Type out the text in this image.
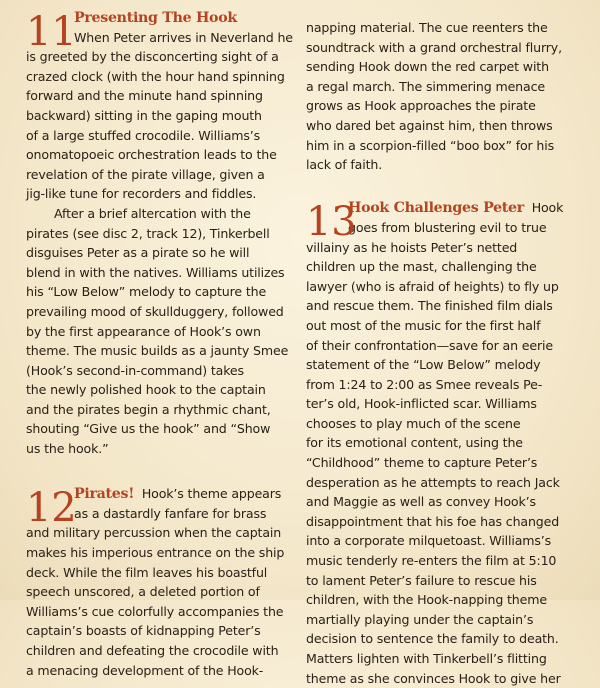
11
Presenting The Hook
When Peter arrives in Neverland he
is greeted by the disconcerting sight of a
crazed clock (with the hour hand spinning
forward and the minute hand spinning
backward) sitting in the gaping mouth
of a large stuffed crocodile. Williams’s
onomatopoeic orchestration leads to the
revelation of the pirate village, given a
jig-like tune for recorders and fiddles.
After a brief altercation with the
pirates (see disc 2, track 12), Tinkerbell
disguises Peter as a pirate so he will
blend in with the natives. Williams utilizes
his “Low Below” melody to capture the
prevailing mood of skullduggery, followed
by the first appearance of Hook’s own
theme. The music builds as a jaunty Smee
(Hook’s second-in-command) takes
the newly polished hook to the captain
and the pirates begin a rhythmic chant,
shouting “Give us the hook” and “Show
us the hook.”
12
Pirates! Hook’s theme appears
as a dastardly fanfare for brass
and military percussion when the captain
makes his imperious entrance on the ship
deck. While the film leaves his boastful
speech unscored, a deleted portion of
Williams’s cue colorfully accompanies the
captain’s boasts of kidnapping Peter’s
children and defeating the crocodile with
a menacing development of the Hook-
napping material. The cue reenters the
soundtrack with a grand orchestral flurry,
sending Hook down the red carpet with
a regal march. The simmering menace
grows as Hook approaches the pirate
who dared bet against him, then throws
him in a scorpion-filled “boo box” for his
lack of faith.
13
Hook Challenges Peter Hook
goes from blustering evil to true
villainy as he hoists Peter’s netted
children up the mast, challenging the
lawyer (who is afraid of heights) to fly up
and rescue them. The finished film dials
out most of the music for the first half
of their confrontation—save for an eerie
statement of the “Low Below” melody
from 1:24 to 2:00 as Smee reveals Pe-
ter’s old, Hook-inflicted scar. Williams
chooses to play much of the scene
for its emotional content, using the
“Childhood” theme to capture Peter’s
desperation as he attempts to reach Jack
and Maggie as well as convey Hook’s
disappointment that his foe has changed
into a corporate milquetoast. Williams’s
music tenderly re-enters the film at 5:10
to lament Peter’s failure to rescue his
children, with the Hook-napping theme
martially playing under the captain’s
decision to sentence the family to death.
Matters lighten with Tinkerbell’s flitting
theme as she convinces Hook to give her
